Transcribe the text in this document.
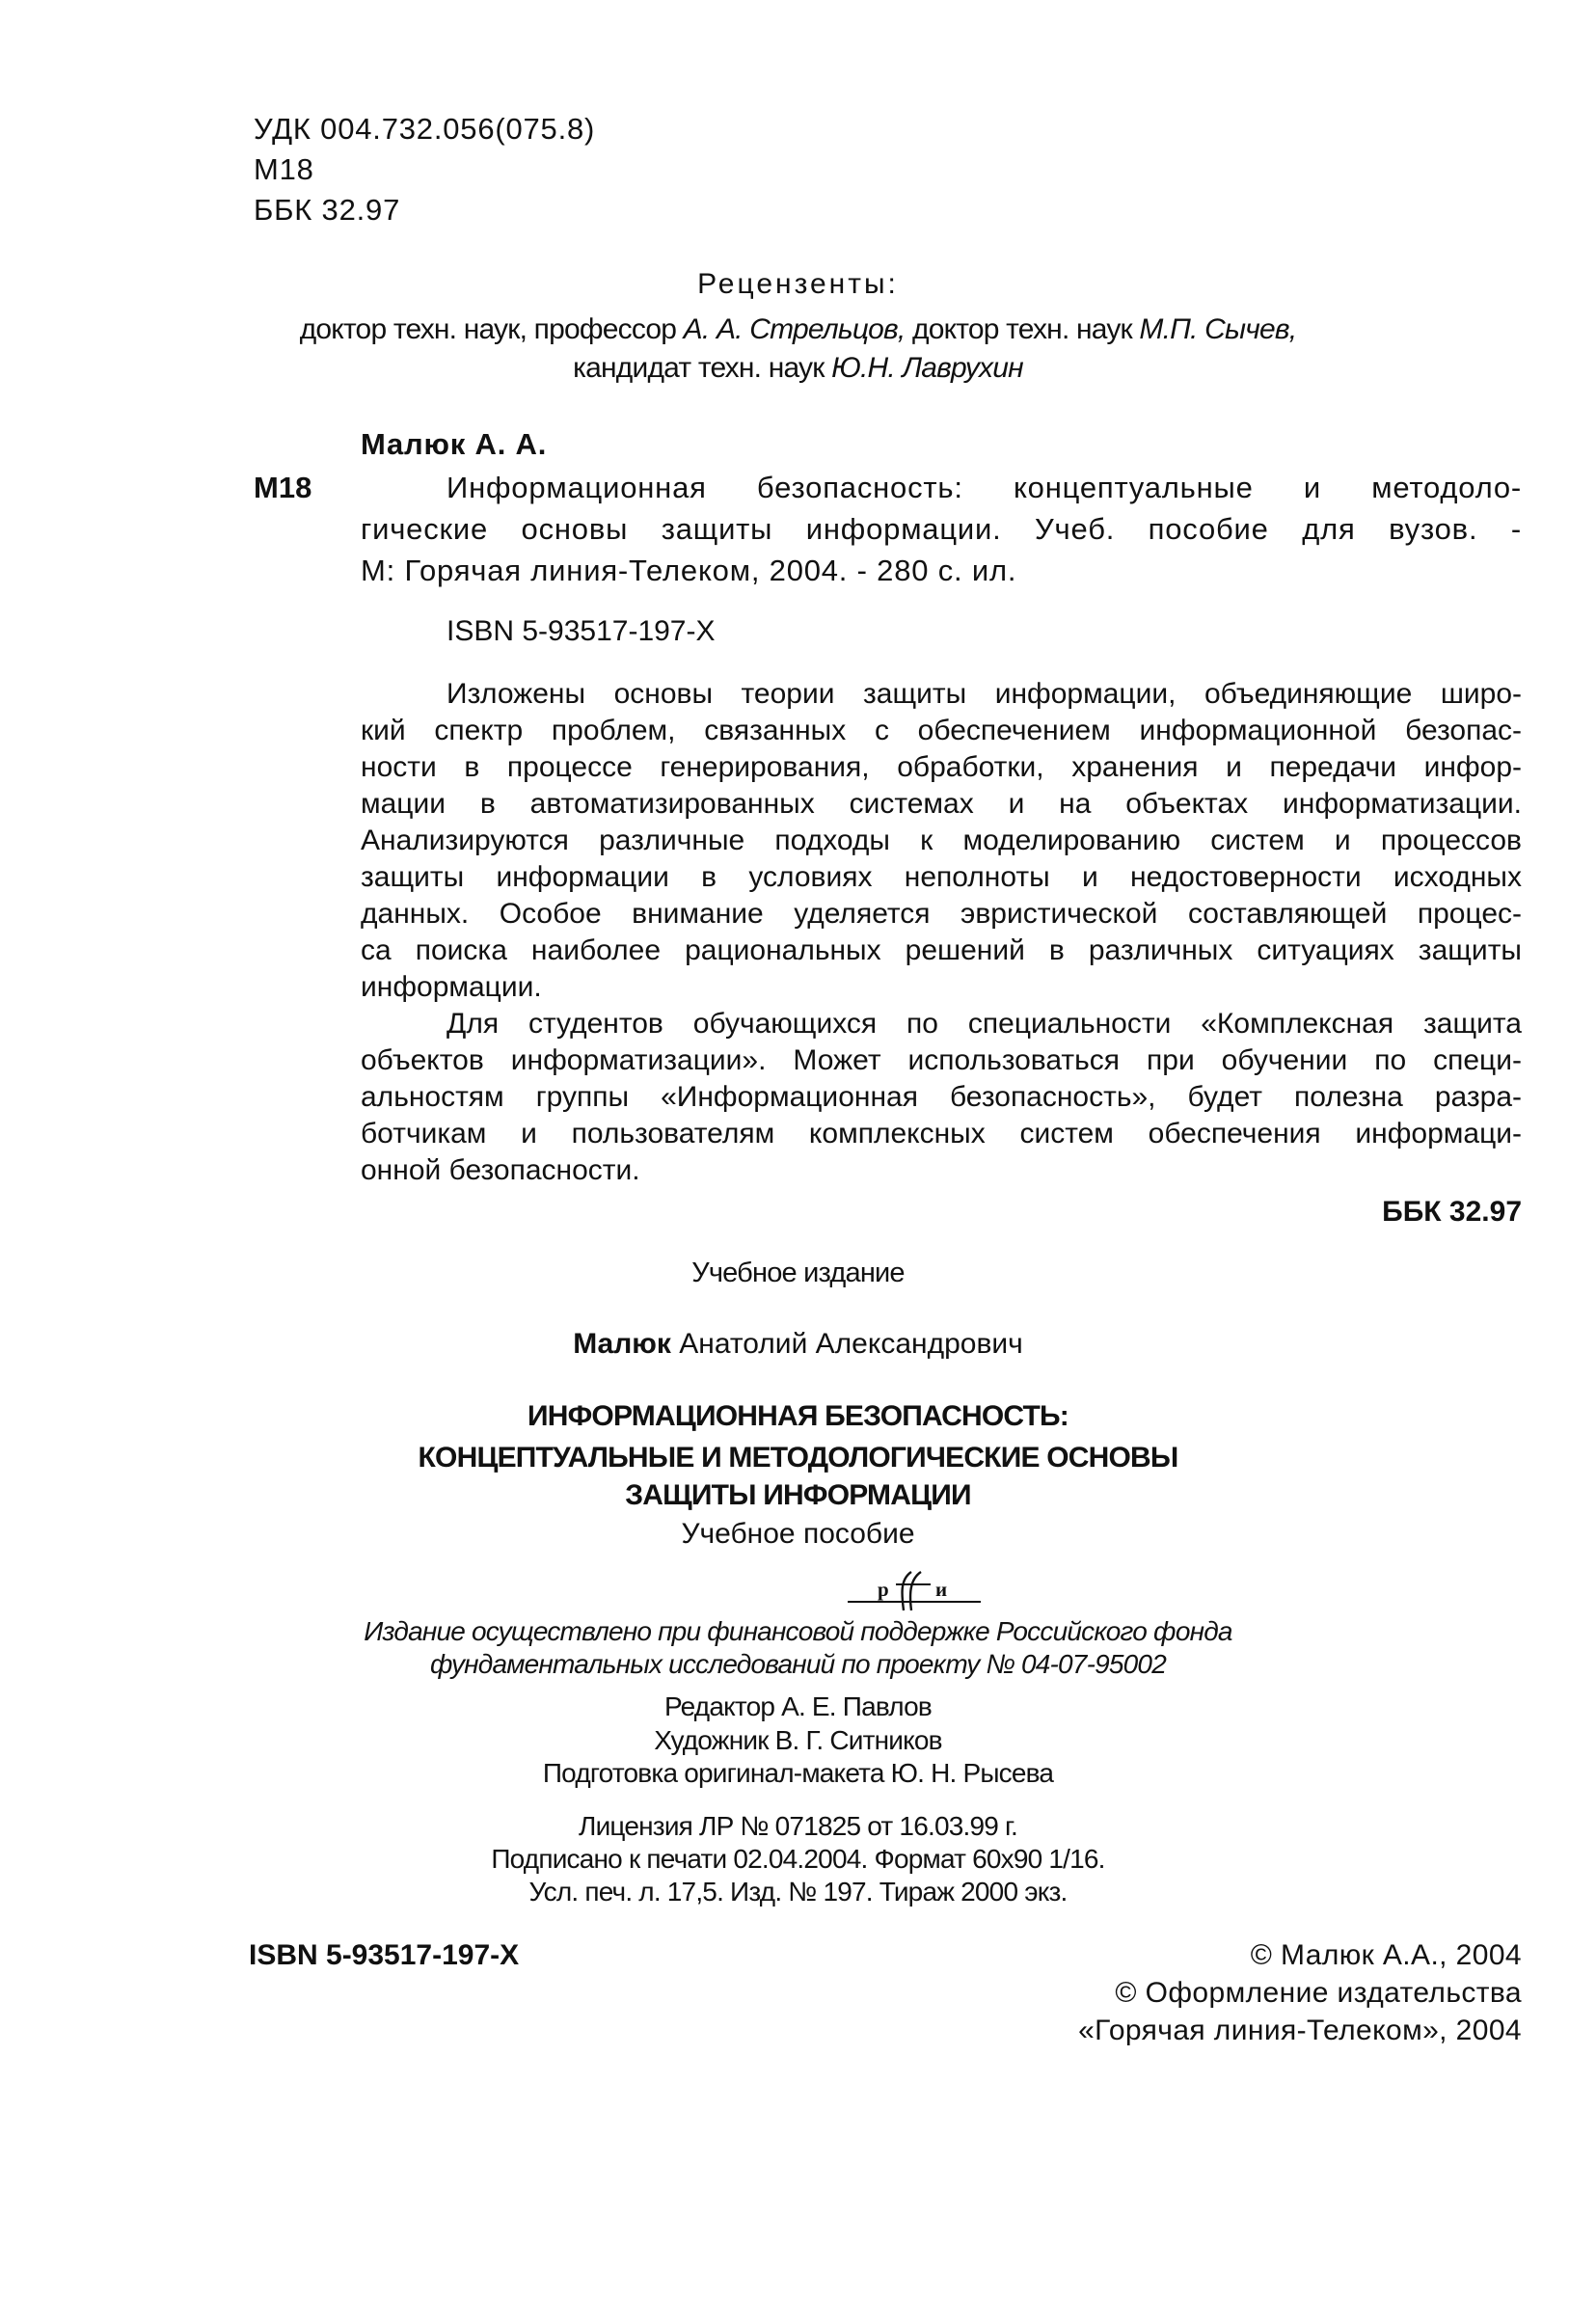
УДК 004.732.056(075.8)

М18

ББК 32.97

Рецензенты:

доктор техн. наук, профессор А. А. Стрельцов, доктор техн. наук М.П. Сычев,

кандидат техн. наук Ю.Н. Лаврухин

Малюк А. А.

М18	Информационная безопасность: концептуальные и методоло-

гические основы защиты информации. Учеб. пособие для вузов. -

М: Горячая линия-Телеком, 2004. - 280 с. ил.

ISBN 5-93517-197-Х

Изложены основы теории защиты информации, объединяющие широ-

кий спектр проблем, связанных с обеспечением информационной безопас-

ности в процессе генерирования, обработки, хранения и передачи инфор-

мации в автоматизированных системах и на объектах информатизации.

Анализируются различные подходы к моделированию систем и процессов

защиты информации в условиях неполноты и недостоверности исходных

данных. Особое внимание уделяется эвристической составляющей процес-

са поиска наиболее рациональных решений в различных ситуациях защиты

информации.

Для студентов обучающихся по специальности «Комплексная защита

объектов информатизации». Может использоваться при обучении по специ-

альностям группы «Информационная безопасность», будет полезна разра-

ботчикам и пользователям комплексных систем обеспечения информаци-

онной безопасности.

ББК 32.97

Учебное издание

Малюк Анатолий Александрович

ИНФОРМАЦИОННАЯ БЕЗОПАСНОСТЬ:

КОНЦЕПТУАЛЬНЫЕ И МЕТОДОЛОГИЧЕСКИЕ ОСНОВЫ

ЗАЩИТЫ ИНФОРМАЦИИ

Учебное пособие

р и

Издание осуществлено при финансовой поддержке Российского фонда

фундаментальных исследований по проекту № 04-07-95002

Редактор А. Е. Павлов

Художник В. Г. Ситников

Подготовка оригинал-макета Ю. Н. Рысева

Лицензия ЛР № 071825 от 16.03.99 г.

Подписано к печати 02.04.2004. Формат 60х90 1/16.

Усл. печ. л. 17,5. Изд. № 197. Тираж 2000 экз.

ISBN 5-93517-197-Х	© Малюк А.А., 2004

© Оформление издательства

«Горячая линия-Телеком», 2004
